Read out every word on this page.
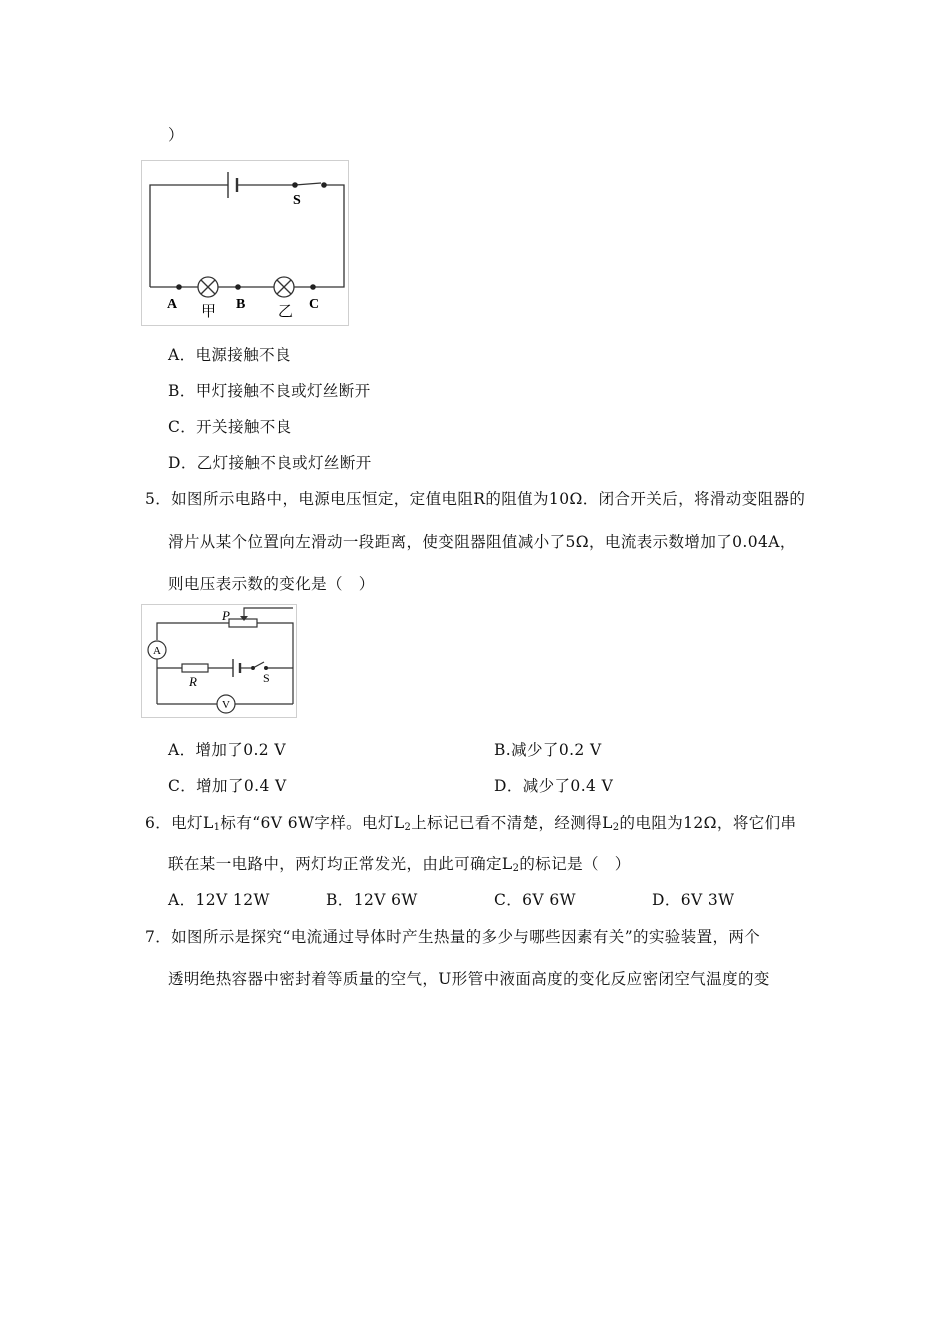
）
S
A 甲 B 乙 C
A．电源接触不良
B．甲灯接触不良或灯丝断开
C．开关接触不良
D．乙灯接触不良或灯丝断开
5．如图所示电路中，电源电压恒定，定值电阻R的阻值为10Ω．闭合开关后，将滑动变阻器的
滑片从某个位置向左滑动一段距离，使变阻器阻值减小了5Ω，电流表示数增加了0.04A，
则电压表示数的变化是（　）
P
R	S
A
V
A．增加了0.2 V	B.减少了0.2 V
C．增加了0.4 V	D．减少了0.4 V
6．电灯$L_1$标有“6V 6W字样。电灯$L_2$上标记已看不清楚，经测得$L_2$的电阻为12Ω，将它们串
联在某一电路中，两灯均正常发光，由此可确定$L_2$的标记是（　）
A．12V 12W	B．12V 6W	C．6V 6W	D．6V 3W
7．如图所示是探究“电流通过导体时产生热量的多少与哪些因素有关”的实验装置，两个
透明绝热容器中密封着等质量的空气，U形管中液面高度的变化反应密闭空气温度的变
